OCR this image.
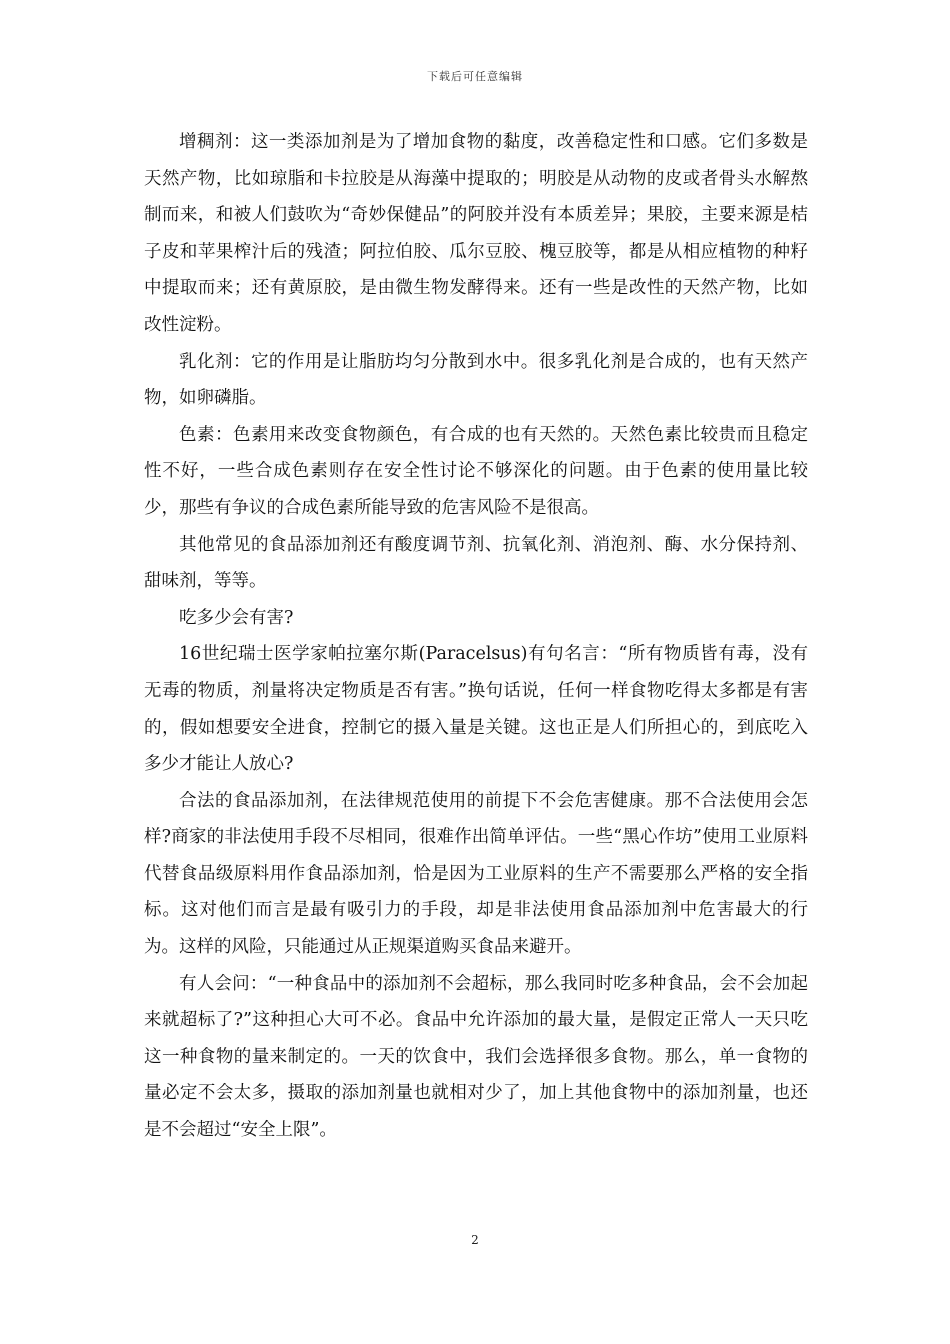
下载后可任意编辑

增稠剂：这一类添加剂是为了增加食物的黏度，改善稳定性和口感。它们多数是天然产物，比如琼脂和卡拉胶是从海藻中提取的；明胶是从动物的皮或者骨头水解熬制而来，和被人们鼓吹为“奇妙保健品”的阿胶并没有本质差异；果胶，主要来源是桔子皮和苹果榨汁后的残渣；阿拉伯胶、瓜尔豆胶、槐豆胶等，都是从相应植物的种籽中提取而来；还有黄原胶，是由微生物发酵得来。还有一些是改性的天然产物，比如改性淀粉。

乳化剂：它的作用是让脂肪均匀分散到水中。很多乳化剂是合成的，也有天然产物，如卵磷脂。

色素：色素用来改变食物颜色，有合成的也有天然的。天然色素比较贵而且稳定性不好，一些合成色素则存在安全性讨论不够深化的问题。由于色素的使用量比较少，那些有争议的合成色素所能导致的危害风险不是很高。

其他常见的食品添加剂还有酸度调节剂、抗氧化剂、消泡剂、酶、水分保持剂、甜味剂，等等。

吃多少会有害?

16世纪瑞士医学家帕拉塞尔斯(Paracelsus)有句名言：“所有物质皆有毒，没有无毒的物质，剂量将决定物质是否有害。”换句话说，任何一样食物吃得太多都是有害的，假如想要安全进食，控制它的摄入量是关键。这也正是人们所担心的，到底吃入多少才能让人放心?

合法的食品添加剂，在法律规范使用的前提下不会危害健康。那不合法使用会怎样?商家的非法使用手段不尽相同，很难作出简单评估。一些“黑心作坊”使用工业原料代替食品级原料用作食品添加剂，恰是因为工业原料的生产不需要那么严格的安全指标。这对他们而言是最有吸引力的手段，却是非法使用食品添加剂中危害最大的行为。这样的风险，只能通过从正规渠道购买食品来避开。

有人会问：“一种食品中的添加剂不会超标，那么我同时吃多种食品，会不会加起来就超标了?”这种担心大可不必。食品中允许添加的最大量，是假定正常人一天只吃这一种食物的量来制定的。一天的饮食中，我们会选择很多食物。那么，单一食物的量必定不会太多，摄取的添加剂量也就相对少了，加上其他食物中的添加剂量，也还是不会超过“安全上限”。

2
